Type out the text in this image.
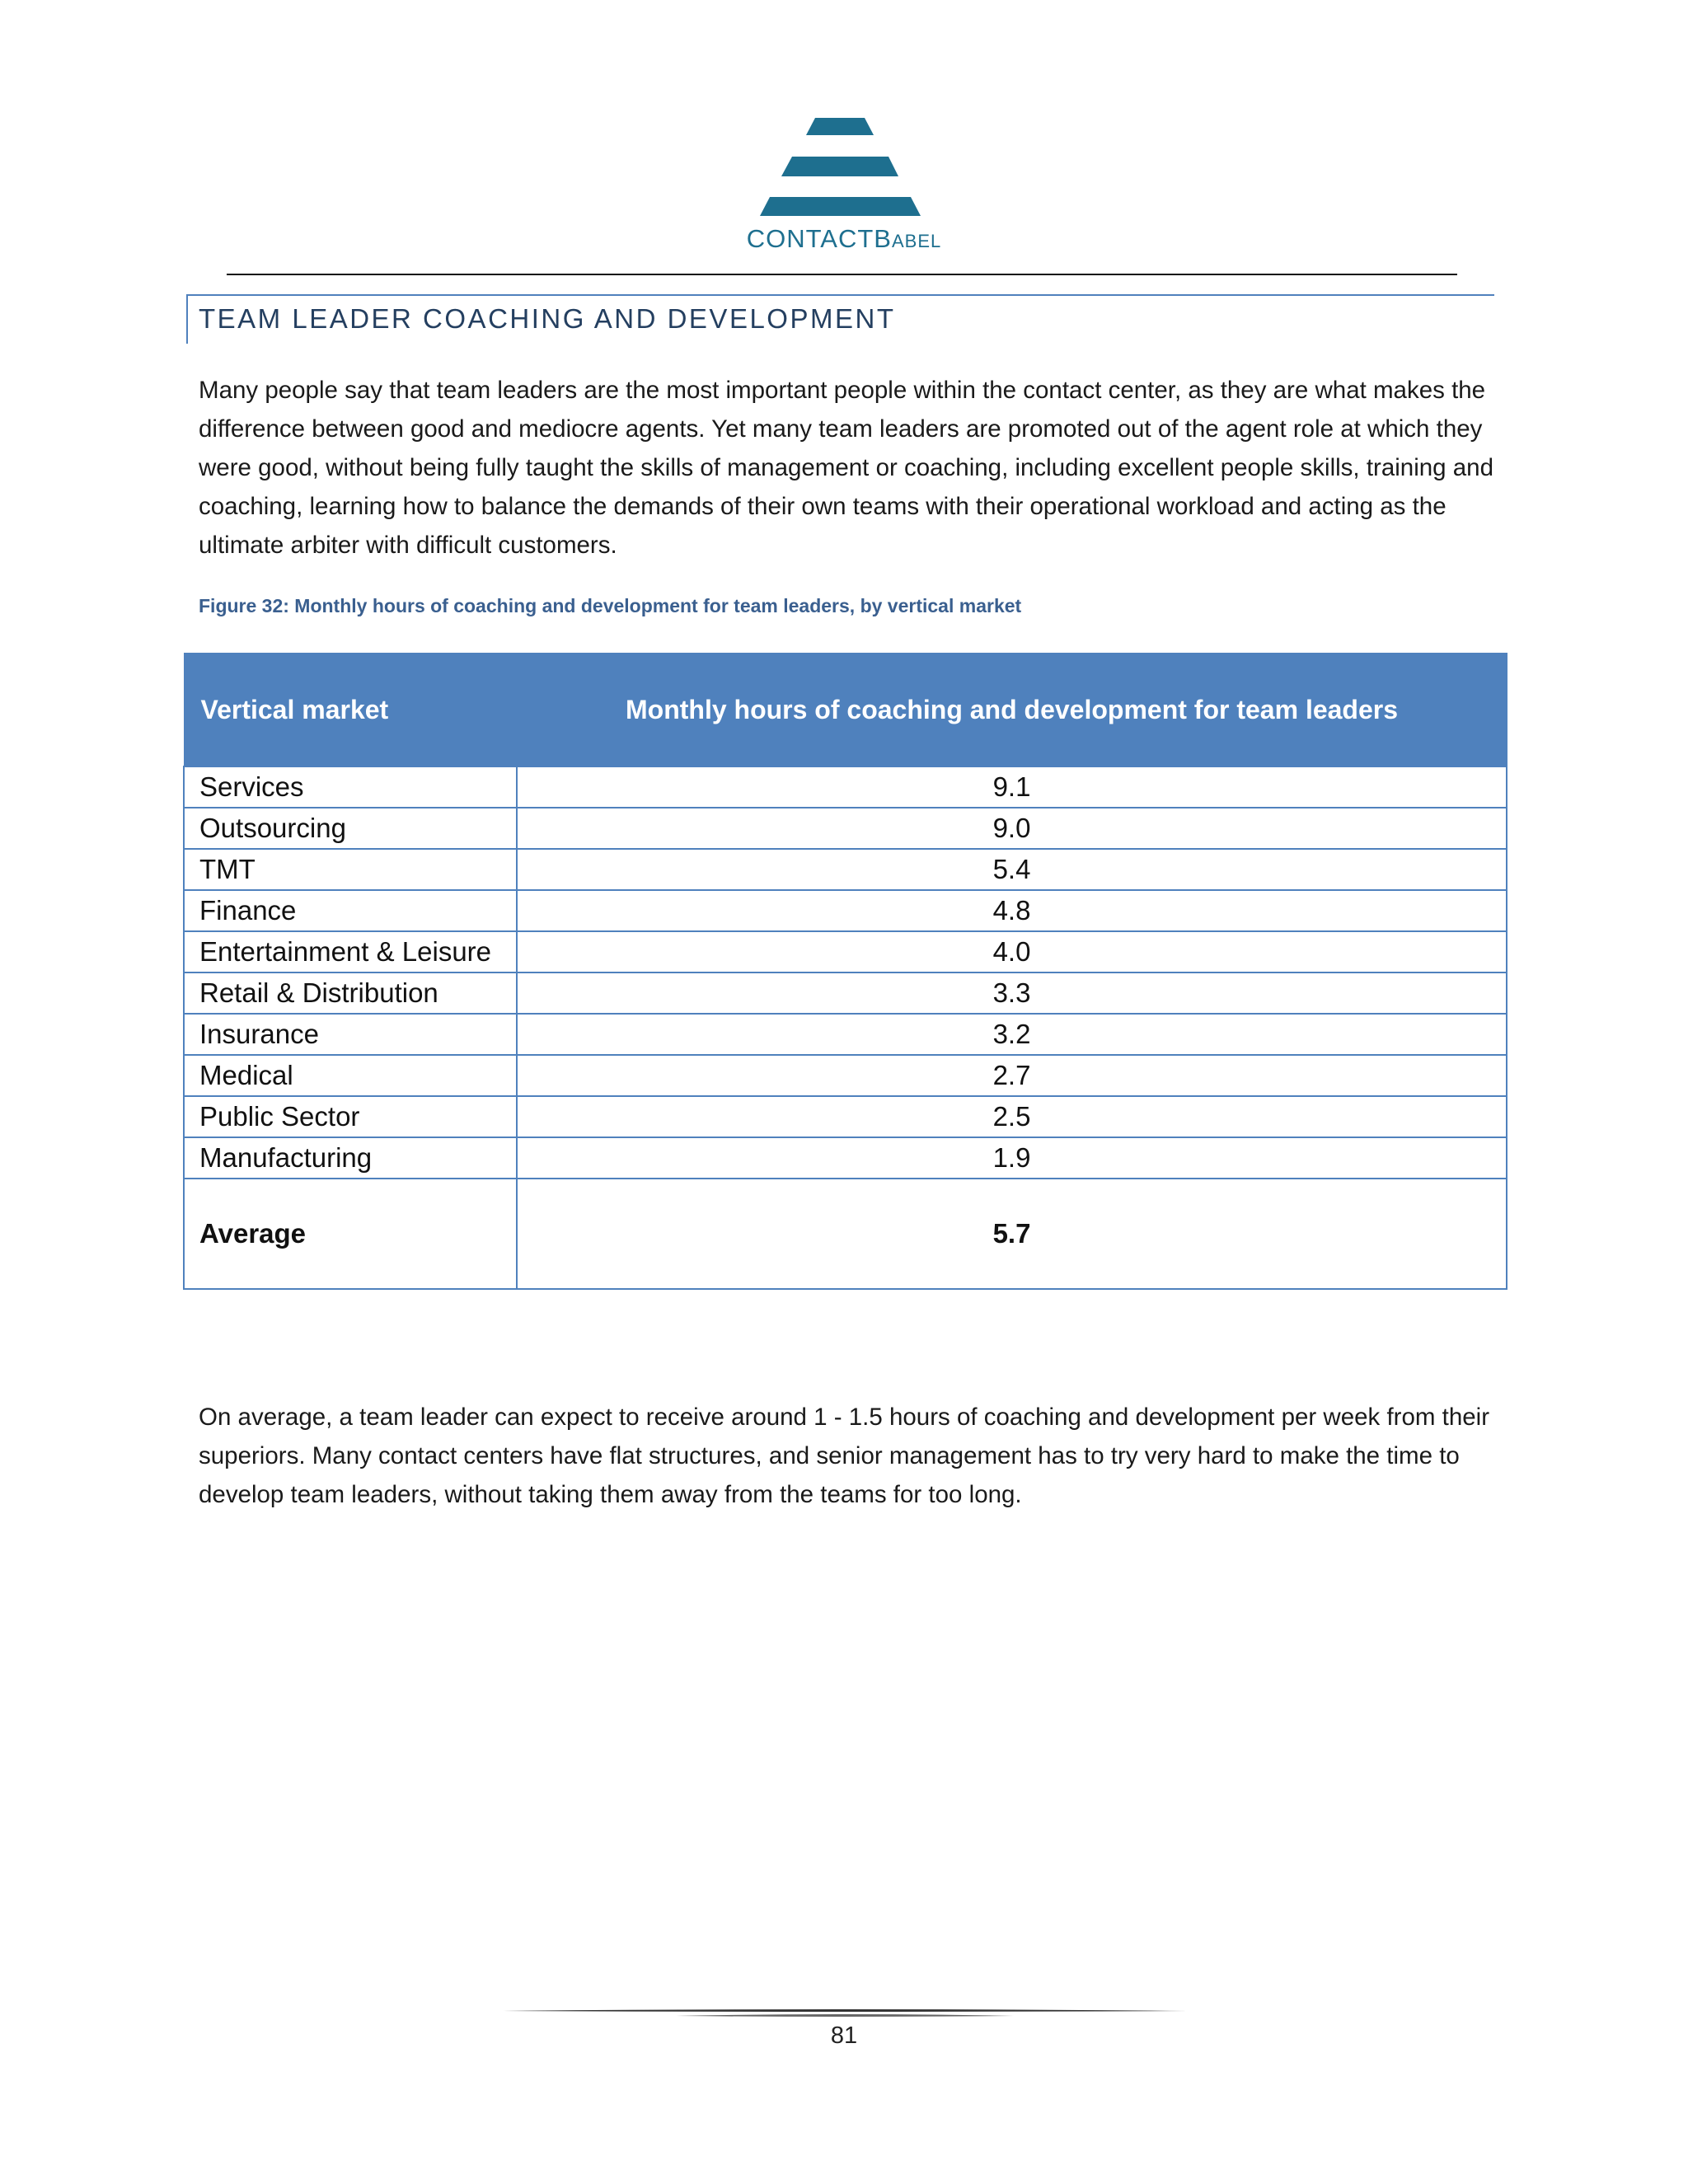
CONTACTBabel
TEAM LEADER COACHING AND DEVELOPMENT

Many people say that team leaders are the most important people within the contact center, as they are what makes the difference between good and mediocre agents. Yet many team leaders are promoted out of the agent role at which they were good, without being fully taught the skills of management or coaching, including excellent people skills, training and coaching, learning how to balance the demands of their own teams with their operational workload and acting as the ultimate arbiter with difficult customers.

Figure 32: Monthly hours of coaching and development for team leaders, by vertical market
Vertical market	Monthly hours of coaching and development for team leaders
Services	9.1
Outsourcing	9.0
TMT	5.4
Finance	4.8
Entertainment & Leisure	4.0
Retail & Distribution	3.3
Insurance	3.2
Medical	2.7
Public Sector	2.5
Manufacturing	1.9
Average	5.7

On average, a team leader can expect to receive around 1 - 1.5 hours of coaching and development per week from their superiors. Many contact centers have flat structures, and senior management has to try very hard to make the time to develop team leaders, without taking them away from the teams for too long.

81
